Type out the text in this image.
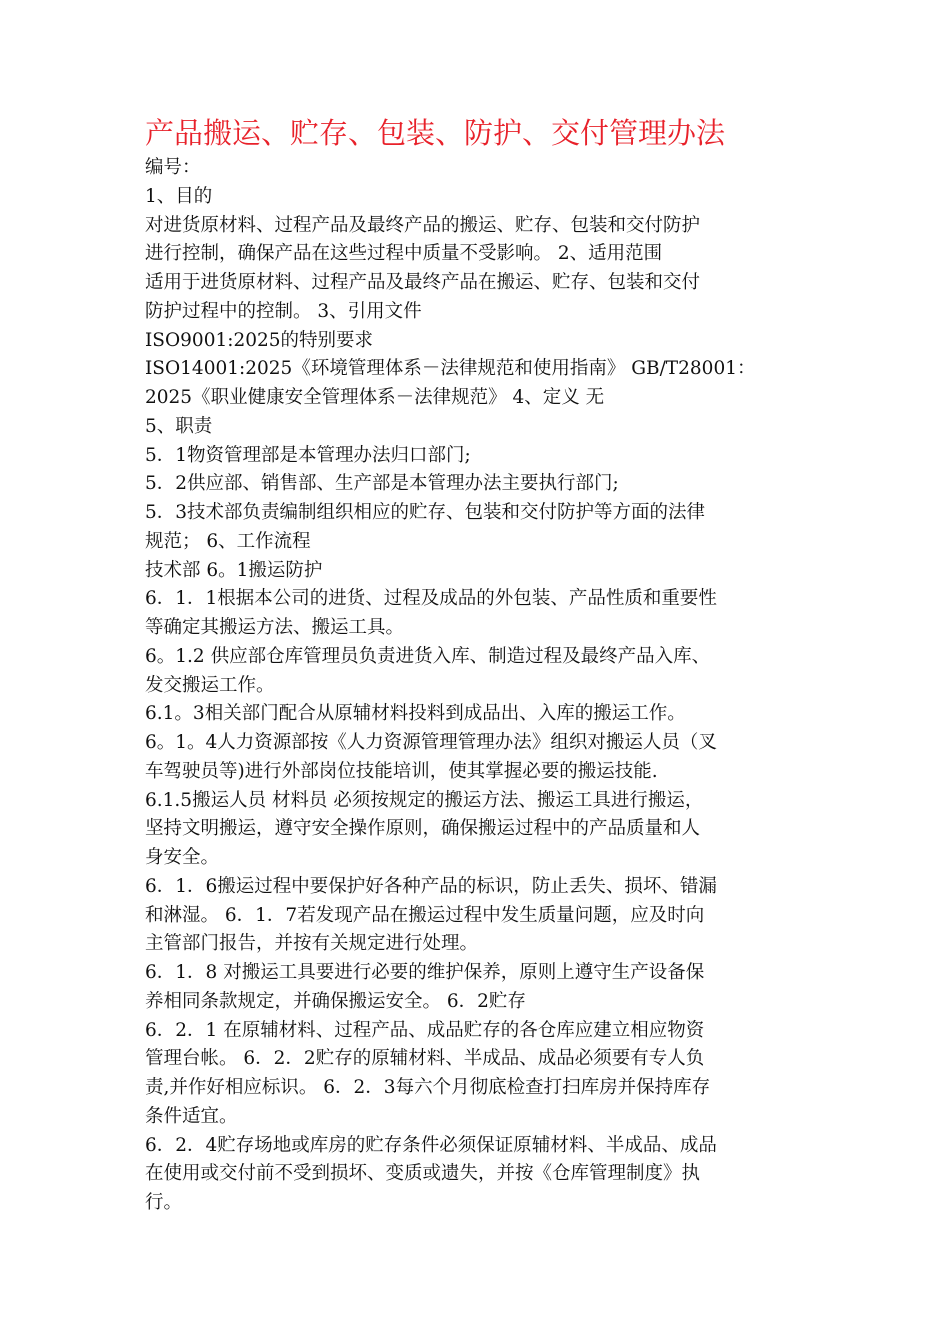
产品搬运、贮存、包装、防护、交付管理办法
编号：
1、目的
对进货原材料、过程产品及最终产品的搬运、贮存、包装和交付防护
进行控制，确保产品在这些过程中质量不受影响。 2、适用范围
适用于进货原材料、过程产品及最终产品在搬运、贮存、包装和交付
防护过程中的控制。 3、引用文件
ISO9001:2025的特别要求
ISO14001:2025《环境管理体系－法律规范和使用指南》 GB/T28001：
2025《职业健康安全管理体系－法律规范》 4、定义 无
5、职责
5．1物资管理部是本管理办法归口部门;
5．2供应部、销售部、生产部是本管理办法主要执行部门;
5．3技术部负责编制组织相应的贮存、包装和交付防护等方面的法律
规范； 6、工作流程
技术部 6。1搬运防护
6．1．1根据本公司的进货、过程及成品的外包装、产品性质和重要性
等确定其搬运方法、搬运工具。
6。1.2 供应部仓库管理员负责进货入库、制造过程及最终产品入库、
发交搬运工作。
6.1。3相关部门配合从原辅材料投料到成品出、入库的搬运工作。
6。1。4人力资源部按《人力资源管理管理办法》组织对搬运人员（叉
车驾驶员等)进行外部岗位技能培训，使其掌握必要的搬运技能.
6.1.5搬运人员 材料员 必须按规定的搬运方法、搬运工具进行搬运，
坚持文明搬运，遵守安全操作原则，确保搬运过程中的产品质量和人
身安全。
6．1．6搬运过程中要保护好各种产品的标识，防止丢失、损坏、错漏
和淋湿。 6．1．7若发现产品在搬运过程中发生质量问题，应及时向
主管部门报告，并按有关规定进行处理。
6．1．8 对搬运工具要进行必要的维护保养，原则上遵守生产设备保
养相同条款规定，并确保搬运安全。 6．2贮存
6．2．1 在原辅材料、过程产品、成品贮存的各仓库应建立相应物资
管理台帐。 6．2．2贮存的原辅材料、半成品、成品必须要有专人负
责,并作好相应标识。 6．2．3每六个月彻底检查打扫库房并保持库存
条件适宜。
6．2．4贮存场地或库房的贮存条件必须保证原辅材料、半成品、成品
在使用或交付前不受到损坏、变质或遗失，并按《仓库管理制度》执
行。
